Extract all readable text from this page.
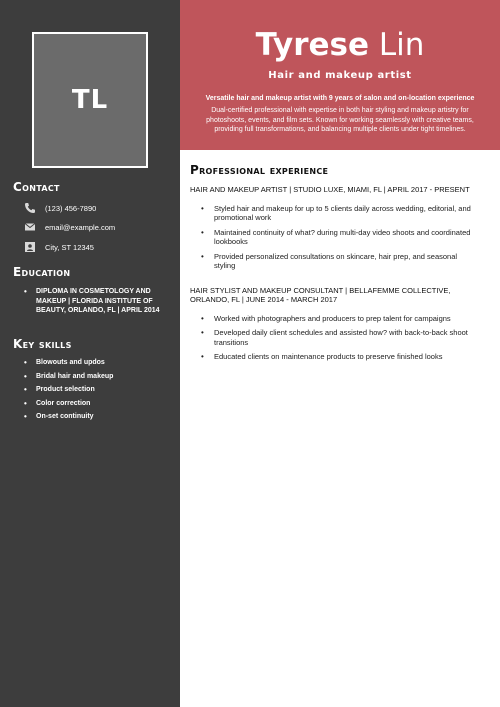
TL
Contact
(123) 456-7890
email@example.com
City, ST 12345
Education
• DIPLOMA IN COSMETOLOGY AND MAKEUP | FLORIDA INSTITUTE OF BEAUTY, ORLANDO, FL | APRIL 2014
Key skills
• Blowouts and updos
• Bridal hair and makeup
• Product selection
• Color correction
• On-set continuity
Tyrese Lin
Hair and makeup artist
Versatile hair and makeup artist with 9 years of salon and on-location experience
Dual-certified professional with expertise in both hair styling and makeup artistry for photoshoots, events, and film sets. Known for working seamlessly with creative teams, providing full transformations, and balancing multiple clients under tight timelines.
Professional experience
HAIR AND MAKEUP ARTIST | STUDIO LUXE, MIAMI, FL | APRIL 2017 - PRESENT
• Styled hair and makeup for up to 5 clients daily across wedding, editorial, and promotional work
• Maintained continuity of what? during multi-day video shoots and coordinated lookbooks
• Provided personalized consultations on skincare, hair prep, and seasonal styling
HAIR STYLIST AND MAKEUP CONSULTANT | BELLAFEMME COLLECTIVE, ORLANDO, FL | JUNE 2014 - MARCH 2017
• Worked with photographers and producers to prep talent for campaigns
• Developed daily client schedules and assisted how? with back-to-back shoot transitions
• Educated clients on maintenance products to preserve finished looks
